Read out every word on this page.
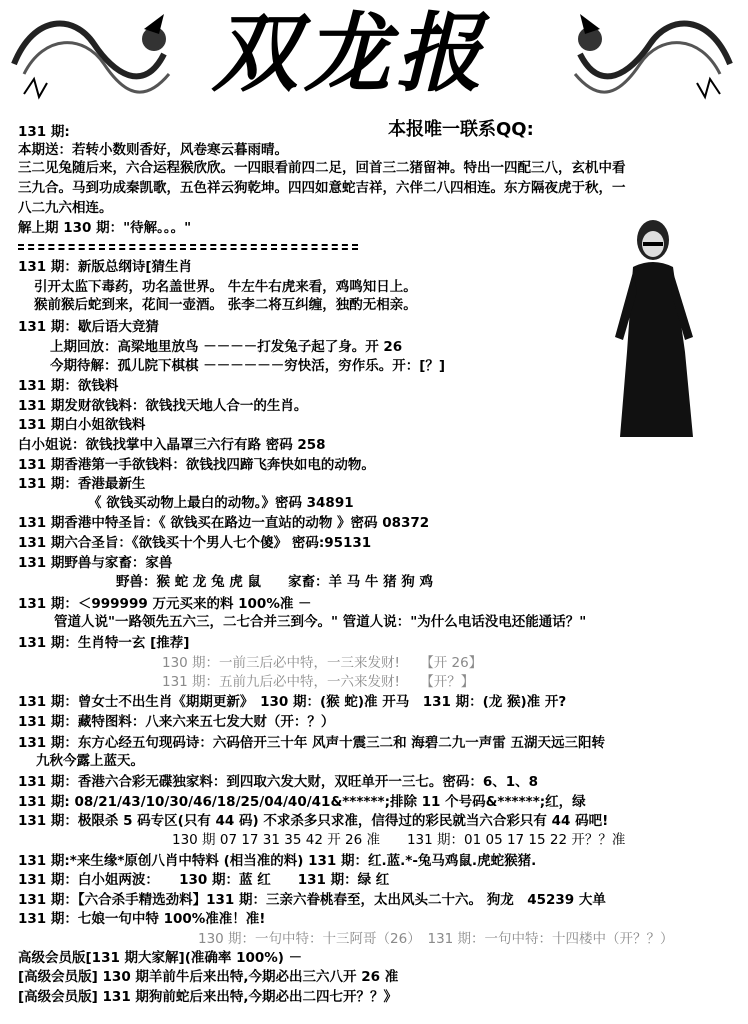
双龙报
本报唯一联系QQ:
131 期:
本期送：若转小数则香好，风卷寒云暮雨晴。
三二见兔随后来，六合运程猴欣欣。一四眼看前四二足，回首三二猪留神。特出一四配三八，玄机中看
三九合。马到功成秦凯歌，五色祥云狗乾坤。四四如意蛇吉祥，六伴二八四相连。东方隔夜虎于秋，一
八二九六相连。
解上期 130 期："待解。。。"
131 期：新版总纲诗[猜生肖
引开太监下毒药，功名盖世界。 牛左牛右虎来看，鸡鸣知日上。
猴前猴后蛇到来，花间一壶酒。 张李二将互纠缠，独酌无相亲。
131 期：歇后语大竞猜
上期回放：高梁地里放鸟 －－－－打发兔子起了身。开 26
今期待解：孤儿院下棋棋 －－－－－－穷快活，穷作乐。开：[？]
131 期：欲钱料
131 期发财欲钱料：欲钱找天地人合一的生肖。
131 期白小姐欲钱料
白小姐说：欲钱找掌中入晶罩三六行有路 密码 258
131 期香港第一手欲钱料：欲钱找四蹄飞奔快如电的动物。
131 期：香港最新生
《 欲钱买动物上最白的动物。》密码 34891
131 期香港中特圣旨：《 欲钱买在路边一直站的动物 》密码 08372
131 期六合圣旨：《欲钱买十个男人七个傻》 密码:95131
131 期野兽与家畜：家兽
野兽：猴 蛇 龙 兔 虎 鼠　　家畜：羊 马 牛 猪 狗 鸡
131 期：＜999999 万元买来的料 100%准 －
管道人说"一路领先五六三，二七合并三到今。" 管道人说："为什么电话没电还能通话？"
131 期：生肖特一玄 [推荐]
130 期：一前三后必中特，一三来发财!　　【开 26】
131 期：五前九后必中特，一六来发财!　　【开？】
131 期：曾女士不出生肖《期期更新》　130 期：(猴 蛇)准 开马　131 期：(龙 猴)准 开?
131 期：藏特图料：八来六来五七发大财（开：？）
131 期：东方心经五句现码诗：六码倍开三十年 风声十震三二和 海碧二九一声雷 五湖天远三阳转
九秋今露上蓝天。
131 期：香港六合彩无碟独家料：到四取六发大财，双旺单开一三七。密码：6、1、8
131 期: 08/21/43/10/30/46/18/25/04/40/41&******;排除 11 个号码&******;红，绿
131 期：极限杀 5 码专区(只有 44 码) 不求杀多只求准，信得过的彩民就当六合彩只有 44 码吧!
130 期 07 17 31 35 42 开 26 准　　131 期：01 05 17 15 22 开？？准
131 期:*来生缘*原创八肖中特料 (相当准的料) 131 期：红.蓝.*-兔马鸡鼠.虎蛇猴猪.
131 期：白小姐两波：　　130 期：蓝 红　　131 期：绿 红
131 期：【六合杀手精选劲料】131 期：三亲六眷桃春至，太出风头二十六。 狗龙　45239 大单
131 期：七娘一句中特 100%准准！准!
130 期：一句中特：十三阿哥（26）　131 期：一句中特：十四楼中（开？？）
高级会员版[131 期大家解](准确率 100%) －
[高级会员版] 130 期羊前牛后来出特,今期必出三六八开 26 准
[高级会员版] 131 期狗前蛇后来出特,今期必出二四七开？？》
